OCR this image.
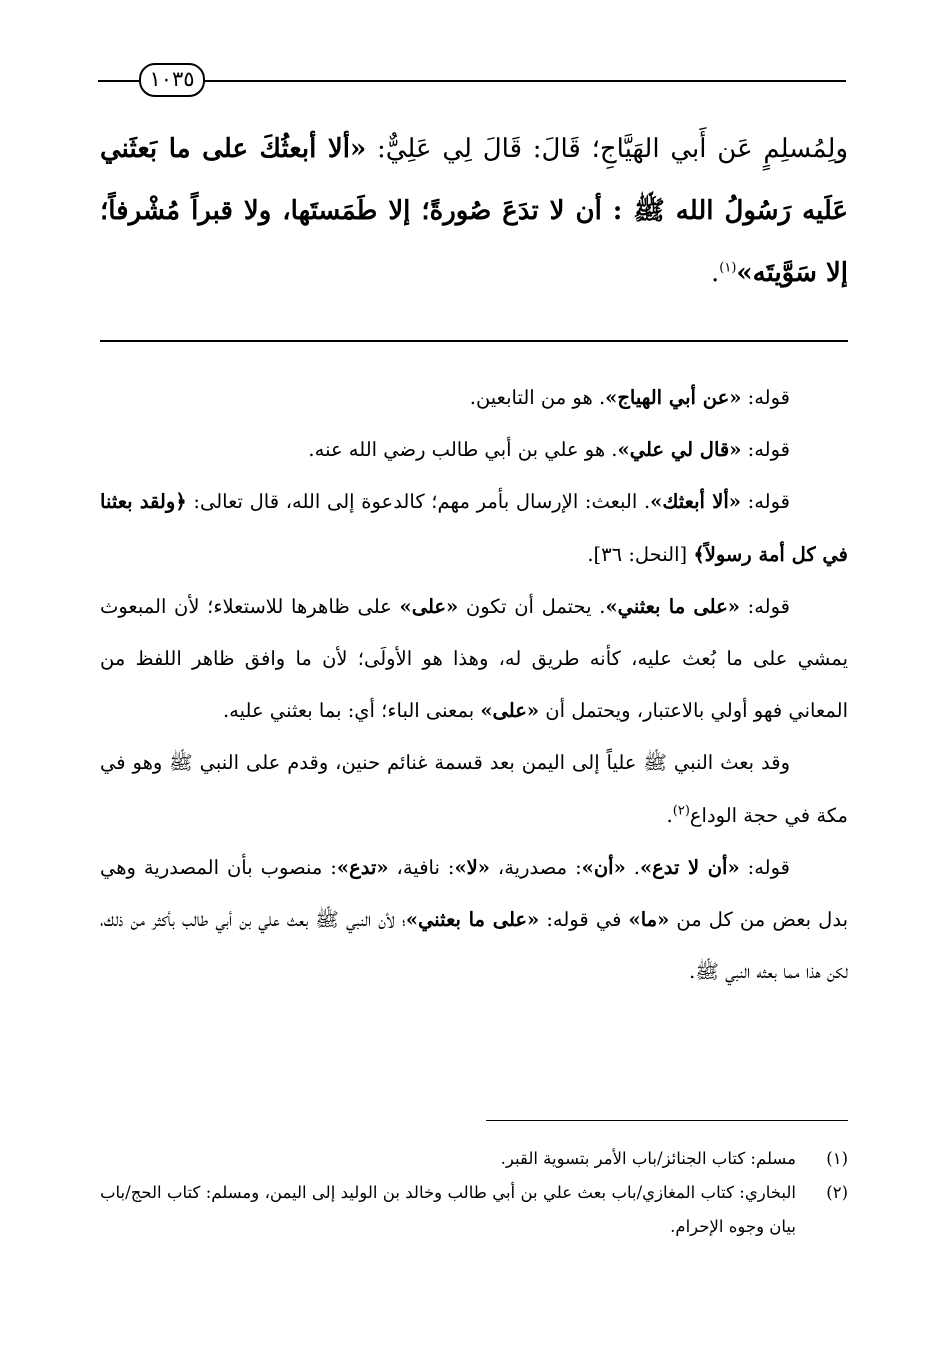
١٠٣٥

ولِمُسلِمٍ عَن أَبي الهَيَّاجِ؛ قَالَ: قَالَ لِي عَلِيٌّ: «ألا أبعثُكَ على ما بَعثَني عَلَيه رَسُولُ الله ﷺ : أن لا تدَعَ صُورةً؛ إلا طَمَستَها، ولا قبراً مُشْرفاً؛ إلا سَوَّيتَه»$^{(١)}$.

قوله: «عن أبي الهياج». هو من التابعين.

قوله: «قال لي علي». هو علي بن أبي طالب رضي الله عنه.

قوله: «ألا أبعثك». البعث: الإرسال بأمر مهم؛ كالدعوة إلى الله، قال تعالى: ﴿ولقد بعثنا في كل أمة رسولاً﴾ [النحل: ٣٦].

قوله: «على ما بعثني». يحتمل أن تكون «على» على ظاهرها للاستعلاء؛ لأن المبعوث يمشي على ما بُعث عليه، كأنه طريق له، وهذا هو الأولَى؛ لأن ما وافق ظاهر اللفظ من المعاني فهو أولي بالاعتبار، ويحتمل أن «على» بمعنى الباء؛ أي: بما بعثني عليه.

وقد بعث النبي ﷺ علياً إلى اليمن بعد قسمة غنائم حنين، وقدم على النبي ﷺ وهو في مكة في حجة الوداع$^{(٢)}$.

قوله: «أن لا تدع». «أن»: مصدرية، «لا»: نافية، «تدع»: منصوب بأن المصدرية وهي بدل بعض من كل من «ما» في قوله: «على ما بعثني»؛ لأن النبي ﷺ بعث علي بن أبي طالب بأكثر من ذلك، لكن هذا مما بعثه النبي ﷺ.

(١)
مسلم: كتاب الجنائز/باب الأمر بتسوية القبر.
(٢)
البخاري: كتاب المغازي/باب بعث علي بن أبي طالب وخالد بن الوليد إلى اليمن، ومسلم: كتاب الحج/باب بيان وجوه الإحرام.
